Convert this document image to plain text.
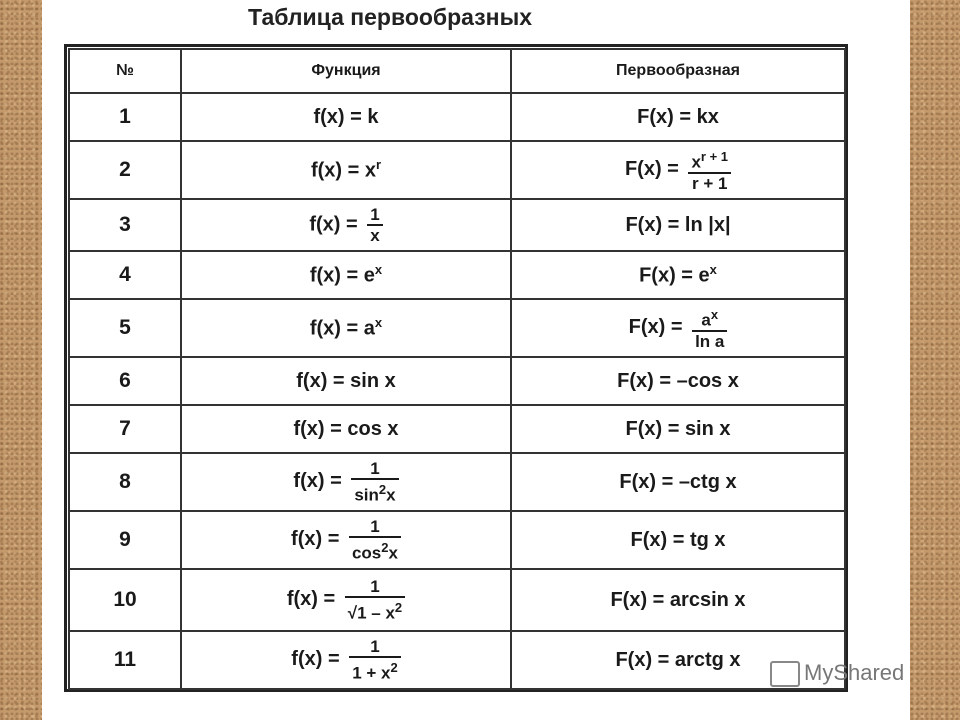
Таблица первообразных
№	Функция	Первообразная
1	f(x) = k	F(x) = kx
2	$f(x) = x^r$	$F(x) = \frac{x^{r + 1}}{r + 1}$

3	$f(x) = \frac{1}{x}$	F(x) = ln |x|
4	$f(x) = e^x$	$F(x) = e^x$
5	$f(x) = a^x$	$F(x) = \frac{a^x}{\text{ln a}}$

6	f(x) = sin x	F(x) = –cos x
7	f(x) = cos x	F(x) = sin x
8	$f(x) = \frac{1}{\sin^2x}$	F(x) = –ctg x
9	$f(x) = \frac{1}{\cos^2x}$	F(x) = tg x
10	$f(x) = \frac{1}{√1 - x^2}$	F(x) = arcsin x
11	$f(x) = \frac{1}{1 + x^2}$	F(x) = arctg x
MyShared
